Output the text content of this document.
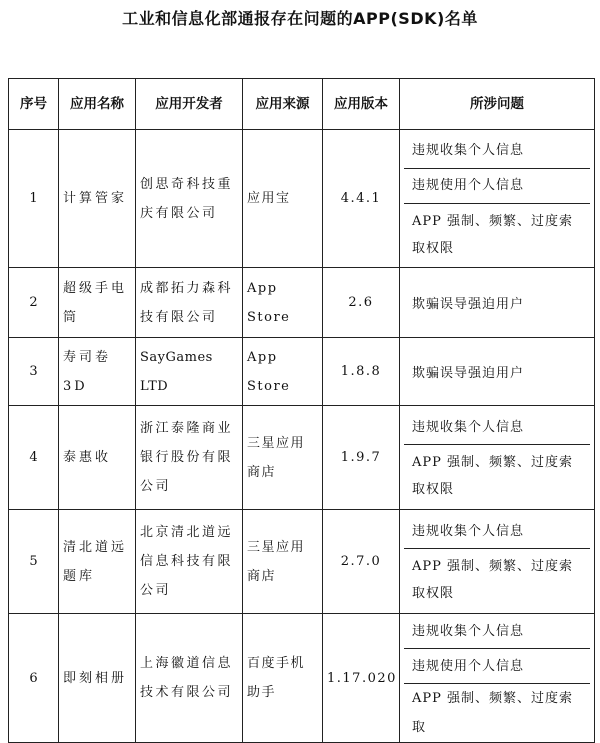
工业和信息化部通报存在问题的APP(SDK)名单
序号	应用名称	应用开发者	应用来源	应用版本	所涉问题
1	计算管家	创思奇科技重庆有限公司	应用宝	4.4.1	违规收集个人信息
违规使用个人信息
APP 强制、频繁、过度索取权限

2	超级手电筒	成都拓力森科技有限公司	App Store	2.6	欺骗误导强迫用户

3	寿司卷3D	SayGames LTD	App Store	1.8.8	欺骗误导强迫用户

4	泰惠收	浙江泰隆商业银行股份有限公司	三星应用商店	1.9.7	违规收集个人信息
APP 强制、频繁、过度索取权限

5	清北道远题库	北京清北道远信息科技有限公司	三星应用商店	2.7.0	违规收集个人信息
APP 强制、频繁、过度索取权限

6	即刻相册	上海徽道信息技术有限公司	百度手机助手	1.17.020	违规收集个人信息
违规使用个人信息
APP 强制、频繁、过度索取
